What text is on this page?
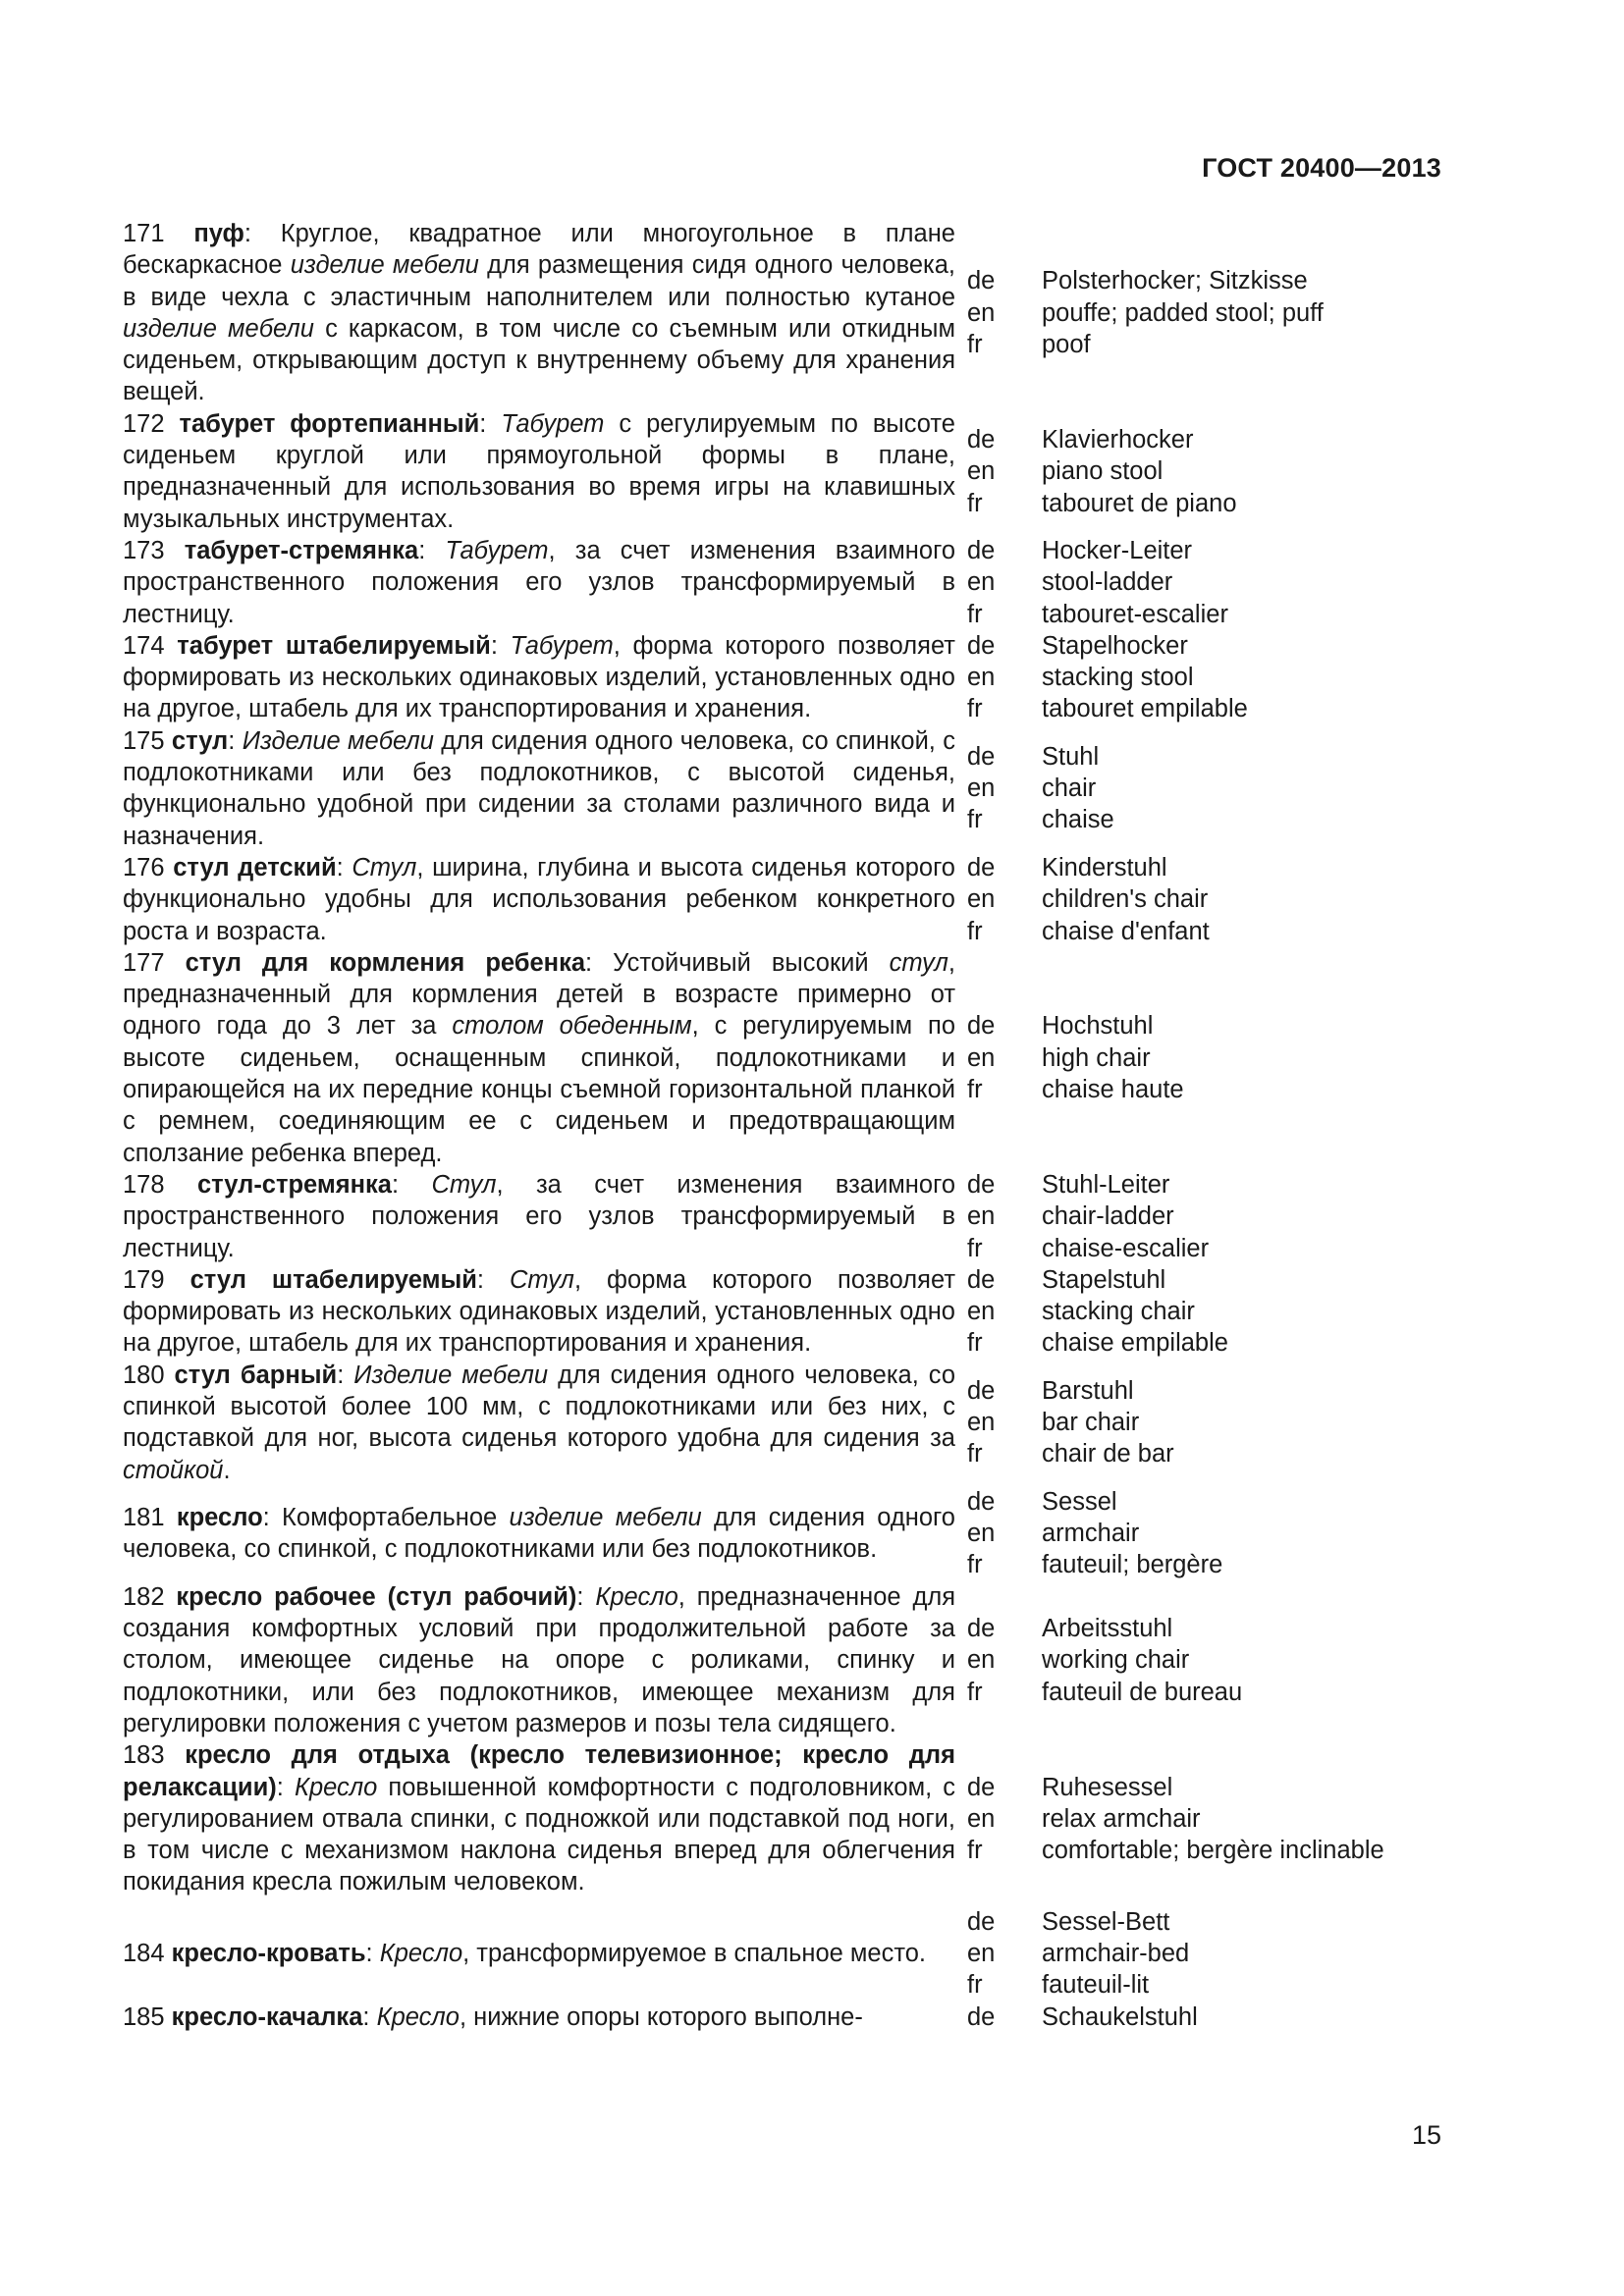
ГОСТ 20400—2013
171 пуф: Круглое, квадратное или многоугольное в плане бескаркасное изделие мебели для размещения сидя одного человека, в виде чехла с эластичным наполнителем или полностью кутаное изделие мебели с каркасом, в том числе со съемным или откидным сиденьем, открывающим доступ к внутреннему объему для хранения вещей.
de
en
fr
Polsterhocker; Sitzkisse
pouffe; padded stool; puff
poof
172 табурет фортепианный: Табурет с регулируемым по высоте сиденьем круглой или прямоугольной формы в плане, предназначенный для использования во время игры на клавишных музыкальных инструментах.
de
en
fr
Klavierhocker
piano stool
tabouret de piano
173 табурет-стремянка: Табурет, за счет изменения взаимного пространственного положения его узлов трансформируемый в лестницу.
de
en
fr
Hocker-Leiter
stool-ladder
tabouret-escalier
174 табурет штабелируемый: Табурет, форма которого позволяет формировать из нескольких одинаковых изделий, установленных одно на другое, штабель для их транспортирования и хранения.
de
en
fr
Stapelhocker
stacking stool
tabouret empilable
175 стул: Изделие мебели для сидения одного человека, со спинкой, с подлокотниками или без подлокотников, с высотой сиденья, функционально удобной при сидении за столами различного вида и назначения.
de
en
fr
Stuhl
chair
chaise
176 стул детский: Стул, ширина, глубина и высота сиденья которого функционально удобны для использования ребенком конкретного роста и возраста.
de
en
fr
Kinderstuhl
children's chair
chaise d'enfant
177 стул для кормления ребенка: Устойчивый высокий стул, предназначенный для кормления детей в возрасте примерно от одного года до 3 лет за столом обеденным, с регулируемым по высоте сиденьем, оснащенным спинкой, подлокотниками и опирающейся на их передние концы съемной горизонтальной планкой с ремнем, соединяющим ее с сиденьем и предотвращающим сползание ребенка вперед.
de
en
fr
Hochstuhl
high chair
chaise haute
178 стул-стремянка: Стул, за счет изменения взаимного пространственного положения его узлов трансформируемый в лестницу.
de
en
fr
Stuhl-Leiter
chair-ladder
chaise-escalier
179 стул штабелируемый: Стул, форма которого позволяет формировать из нескольких одинаковых изделий, установленных одно на другое, штабель для их транспортирования и хранения.
de
en
fr
Stapelstuhl
stacking chair
chaise empilable
180 стул барный: Изделие мебели для сидения одного человека, со спинкой высотой более 100 мм, с подлокотниками или без них, с подставкой для ног, высота сиденья которого удобна для сидения за стойкой.
de
en
fr
Barstuhl
bar chair
chair de bar
181 кресло: Комфортабельное изделие мебели для сидения одного человека, со спинкой, с подлокотниками или без подлокотников.
de
en
fr
Sessel
armchair
fauteuil; bergère
182 кресло рабочее (стул рабочий): Кресло, предназначенное для создания комфортных условий при продолжительной работе за столом, имеющее сиденье на опоре с роликами, спинку и подлокотники, или без подлокотников, имеющее механизм для регулировки положения с учетом размеров и позы тела сидящего.
de
en
fr
Arbeitsstuhl
working chair
fauteuil de bureau
183 кресло для отдыха (кресло телевизионное; кресло для релаксации): Кресло повышенной комфортности с подголовником, с регулированием отвала спинки, с подножкой или подставкой под ноги, в том числе с механизмом наклона сиденья вперед для облегчения покидания кресла пожилым человеком.
de
en
fr
Ruhesessel
relax armchair
comfortable; bergère inclinable
184 кресло-кровать: Кресло, трансформируемое в спальное место.
de
en
fr
Sessel-Bett
armchair-bed
fauteuil-lit
185 кресло-качалка: Кресло, нижние опоры которого выполне-	de	Schaukelstuhl
15
